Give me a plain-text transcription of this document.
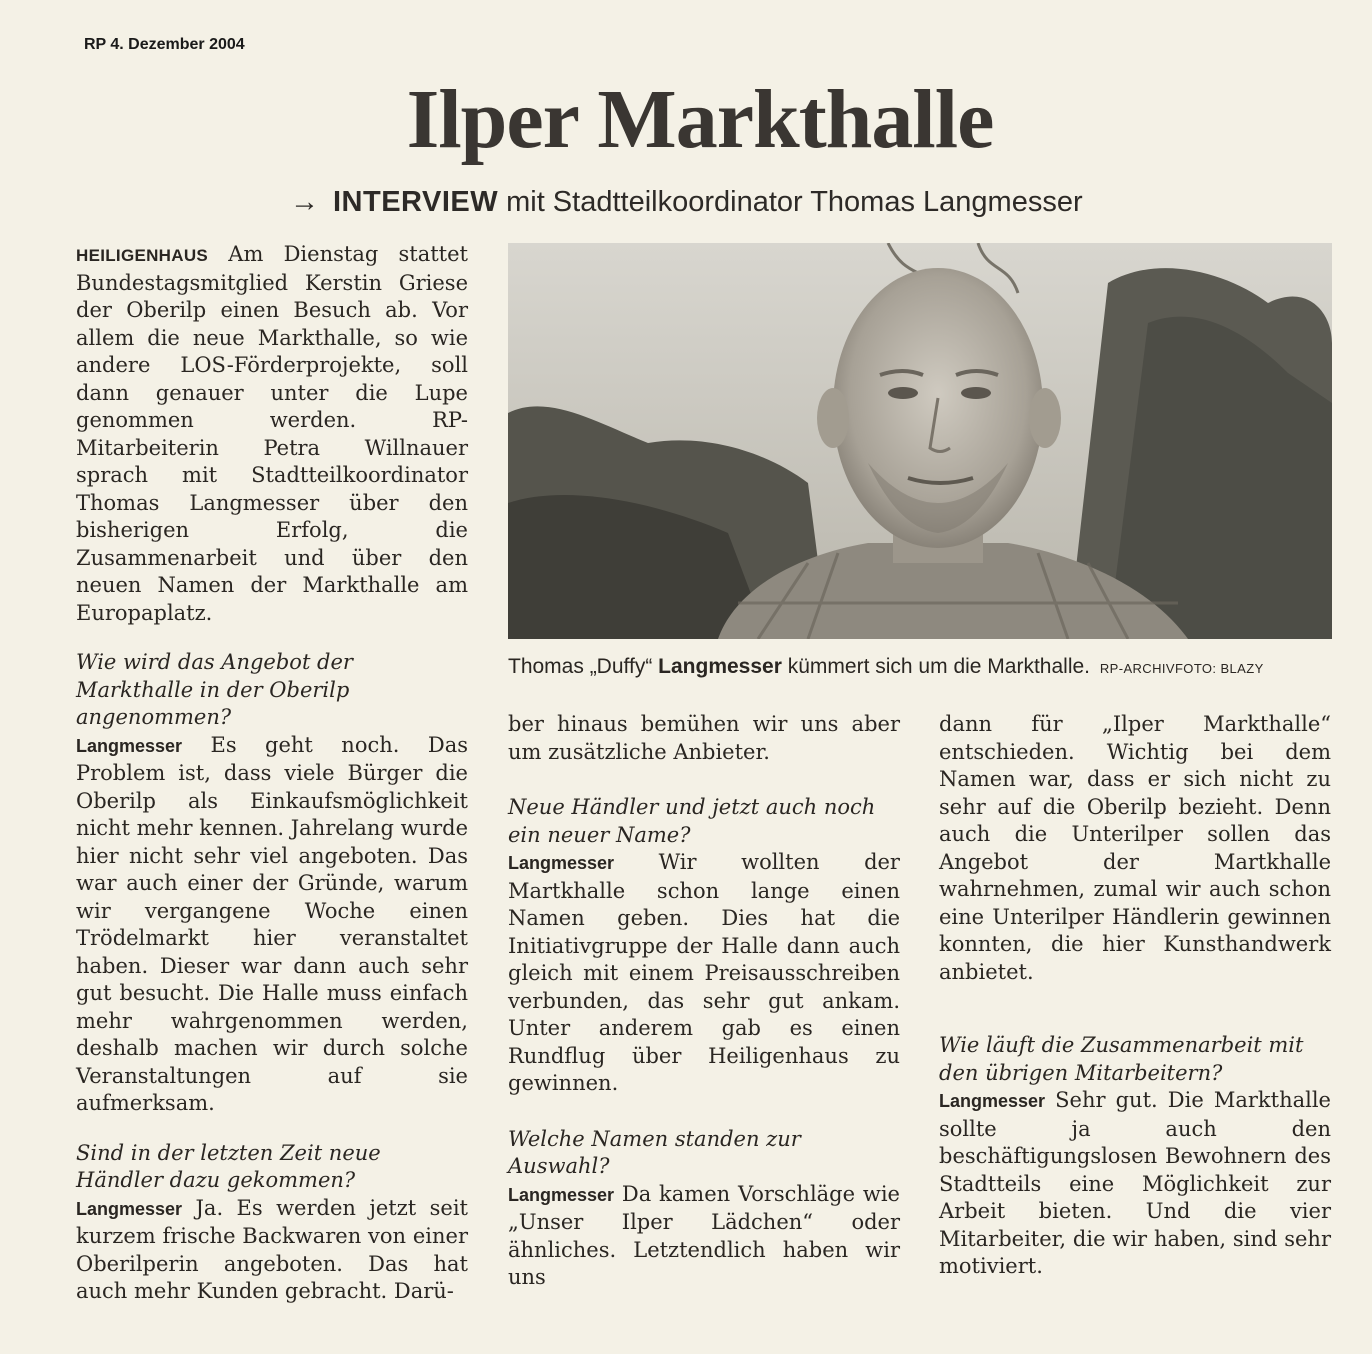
RP 4. Dezember 2004
Ilper Markthalle
→ INTERVIEW mit Stadtteilkoordinator Thomas Langmesser

HEILIGENHAUS Am Dienstag stattet Bundestagsmitglied Kerstin Griese der Oberilp einen Besuch ab. Vor allem die neue Markthalle, so wie andere LOS-Förderprojekte, soll dann genauer unter die Lupe genommen werden. RP-Mitarbeiterin Petra Willnauer sprach mit Stadtteilkoordinator Thomas Langmesser über den bisherigen Erfolg, die Zusammenarbeit und über den neuen Namen der Markthalle am Europaplatz.

Wie wird das Angebot der Markthalle in der Oberilp angenommen?

Langmesser Es geht noch. Das Problem ist, dass viele Bürger die Oberilp als Einkaufsmöglichkeit nicht mehr kennen. Jahrelang wurde hier nicht sehr viel angeboten. Das war auch einer der Gründe, warum wir vergangene Woche einen Trödelmarkt hier veranstaltet haben. Dieser war dann auch sehr gut besucht. Die Halle muss einfach mehr wahrgenommen werden, deshalb machen wir durch solche Veranstaltungen auf sie aufmerksam.

Sind in der letzten Zeit neue Händler dazu gekommen?

Langmesser Ja. Es werden jetzt seit kurzem frische Backwaren von einer Oberilperin angeboten. Das hat auch mehr Kunden gebracht. Darü-

Thomas „Duffy“ Langmesser kümmert sich um die Markthalle. RP-ARCHIVFOTO: BLAZY

ber hinaus bemühen wir uns aber um zusätzliche Anbieter.

Neue Händler und jetzt auch noch ein neuer Name?

Langmesser Wir wollten der Martkhalle schon lange einen Namen geben. Dies hat die Initiativgruppe der Halle dann auch gleich mit einem Preisausschreiben verbunden, das sehr gut ankam. Unter anderem gab es einen Rundflug über Heiligenhaus zu gewinnen.

Welche Namen standen zur Auswahl?

Langmesser Da kamen Vorschläge wie „Unser Ilper Lädchen“ oder ähnliches. Letztendlich haben wir uns

dann für „Ilper Markthalle“ entschieden. Wichtig bei dem Namen war, dass er sich nicht zu sehr auf die Oberilp bezieht. Denn auch die Unterilper sollen das Angebot der Martkhalle wahrnehmen, zumal wir auch schon eine Unterilper Händlerin gewinnen konnten, die hier Kunsthandwerk anbietet.

Wie läuft die Zusammenarbeit mit den übrigen Mitarbeitern?

Langmesser Sehr gut. Die Markthalle sollte ja auch den beschäftigungslosen Bewohnern des Stadtteils eine Möglichkeit zur Arbeit bieten. Und die vier Mitarbeiter, die wir haben, sind sehr motiviert.
